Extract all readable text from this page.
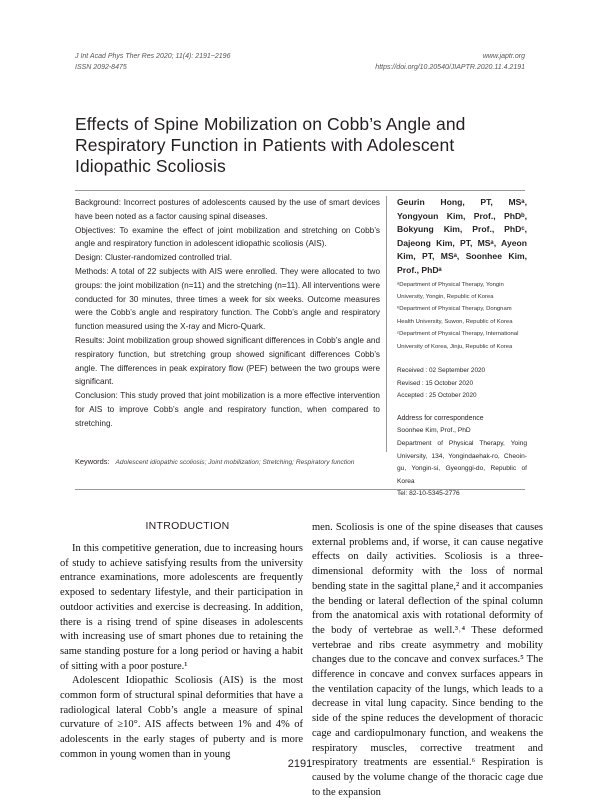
J Int Acad Phys Ther Res 2020; 11(4): 2191~2196
ISSN 2092-8475
www.japtr.org
https://doi.org/10.20540/JIAPTR.2020.11.4.2191
Effects of Spine Mobilization on Cobb’s Angle and Respiratory Function in Patients with Adolescent Idiopathic Scoliosis

Background: Incorrect postures of adolescents caused by the use of smart devices have been noted as a factor causing spinal diseases.

Objectives: To examine the effect of joint mobilization and stretching on Cobb’s angle and respiratory function in adolescent idiopathic scoliosis (AIS).

Design: Cluster-randomized controlled trial.

Methods: A total of 22 subjects with AIS were enrolled. They were allocated to two groups: the joint mobilization (n=11) and the stretching (n=11). All interventions were conducted for 30 minutes, three times a week for six weeks. Outcome measures were the Cobb’s angle and respiratory function. The Cobb’s angle and respiratory function measured using the X-ray and Micro-Quark.

Results: Joint mobilization group showed significant differences in Cobb’s angle and respiratory function, but stretching group showed significant differences Cobb’s angle. The differences in peak expiratory flow (PEF) between the two groups were significant.

Conclusion: This study proved that joint mobilization is a more effective intervention for AIS to improve Cobb’s angle and respiratory function, when compared to stretching.

Geurin Hong, PT, MSᵃ, Yongyoun Kim, Prof., PhDᵇ, Bokyung Kim, Prof., PhDᶜ, Dajeong Kim, PT, MSᵃ, Ayeon Kim, PT, MSᵃ, Soonhee Kim, Prof., PhDᵃ
ᵃDepartment of Physical Therapy, Yongin University, Yongin, Republic of Korea
ᵇDepartment of Physical Therapy, Dongnam Health University, Suwon, Republic of Korea
ᶜDepartment of Physical Therapy, International University of Korea, Jinju, Republic of Korea
Received : 02 September 2020
Revised : 15 October 2020
Accepted : 25 October 2020
Address for correspondence
Soonhee Kim, Prof., PhD
Department of Physical Therapy, Yoing University, 134, Yongindaehak-ro, Cheoin-gu, Yongin-si, Gyeonggi-do, Republic of Korea
Tel: 82-10-5345-2776
Keywords: Adolescent idiopathic scoliosis; Joint mobilization; Stretching; Respiratory function
INTRODUCTION

In this competitive generation, due to increasing hours of study to achieve satisfying results from the university entrance examinations, more adolescents are frequently exposed to sedentary lifestyle, and their participation in outdoor activities and exercise is decreasing. In addition, there is a rising trend of spine diseases in adolescents with increasing use of smart phones due to retaining the same standing posture for a long period or having a habit of sitting with a poor posture.¹

Adolescent Idiopathic Scoliosis (AIS) is the most common form of structural spinal deformities that have a radiological lateral Cobb’s angle a measure of spinal curvature of ≥10°. AIS affects between 1% and 4% of adolescents in the early stages of puberty and is more common in young women than in young

men. Scoliosis is one of the spine diseases that causes external problems and, if worse, it can cause negative effects on daily activities. Scoliosis is a three-dimensional deformity with the loss of normal bending state in the sagittal plane,² and it accompanies the bending or lateral deflection of the spinal column from the anatomical axis with rotational deformity of the body of vertebrae as well.³˒⁴ These deformed vertebrae and ribs create asymmetry and mobility changes due to the concave and convex surfaces.⁵ The difference in concave and convex surfaces appears in the ventilation capacity of the lungs, which leads to a decrease in vital lung capacity. Since bending to the side of the spine reduces the development of thoracic cage and cardiopulmonary function, and weakens the respiratory muscles, corrective treatment and respiratory treatments are essential.⁶ Respiration is caused by the volume change of the thoracic cage due to the expansion

2191
